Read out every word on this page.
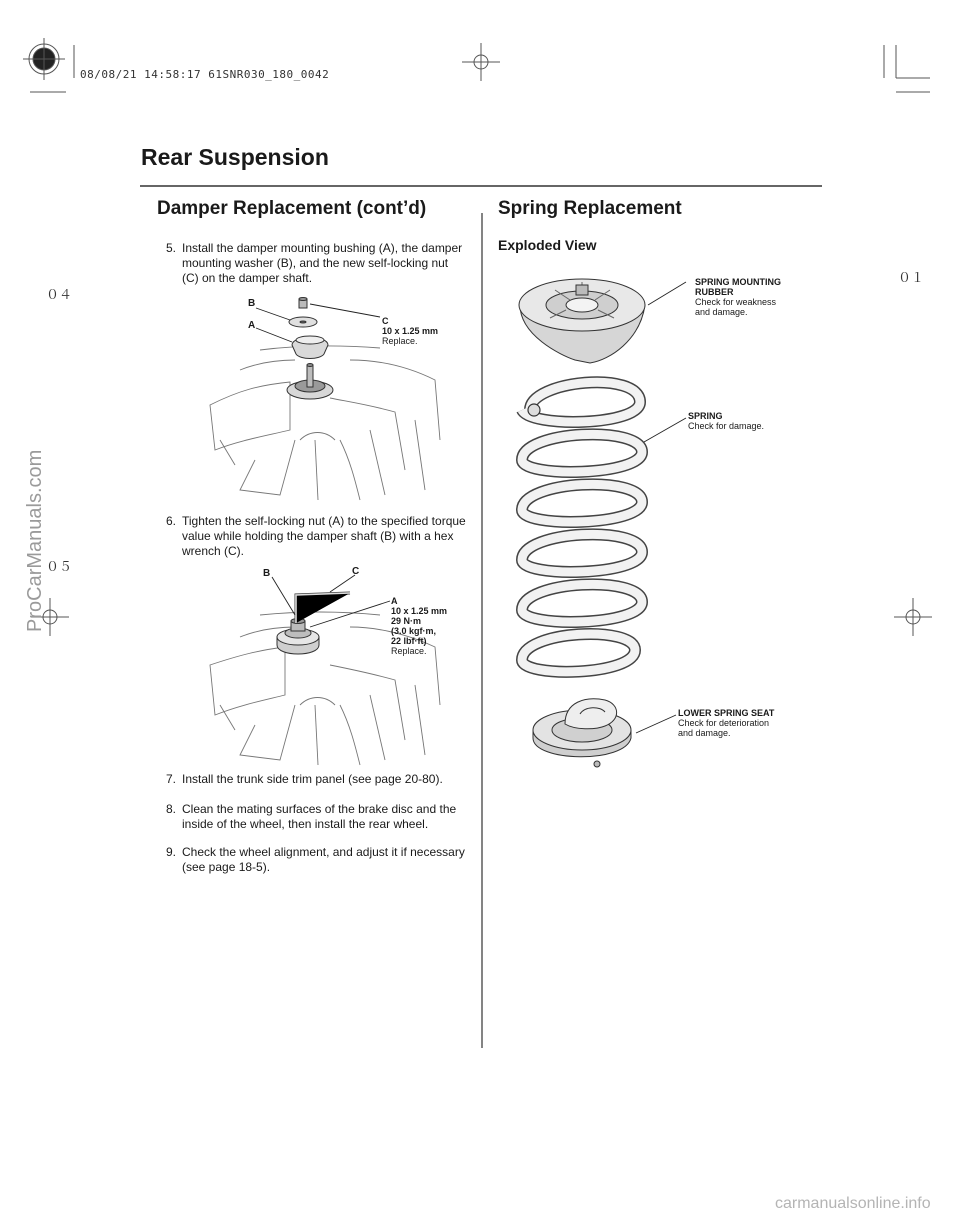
08/08/21 14:58:17 61SNR030_180_0042
Rear Suspension
Damper Replacement (cont’d)	Spring Replacement
Exploded View
5. Install the damper mounting bushing (A), the damper mounting washer (B), and the new self-locking nut (C) on the damper shaft.
6. Tighten the self-locking nut (A) to the specified torque value while holding the damper shaft (B) with a hex wrench (C).
7. Install the trunk side trim panel (see page 20-80).
8. Clean the mating surfaces of the brake disc and the inside of the wheel, then install the rear wheel.
9. Check the wheel alignment, and adjust it if necessary (see page 18-5).
B
A	C
10 x 1.25 mm
Replace.
B	C
A
10 x 1.25 mm
29 N·m
(3.0 kgf·m,
22 lbf·ft)
Replace.
SPRING MOUNTING
RUBBER
Check for weakness
and damage.
SPRING
Check for damage.
LOWER SPRING SEAT
Check for deterioration
and damage.
０４
０５
０１
ProCarManuals.com
carmanualsonline.info
